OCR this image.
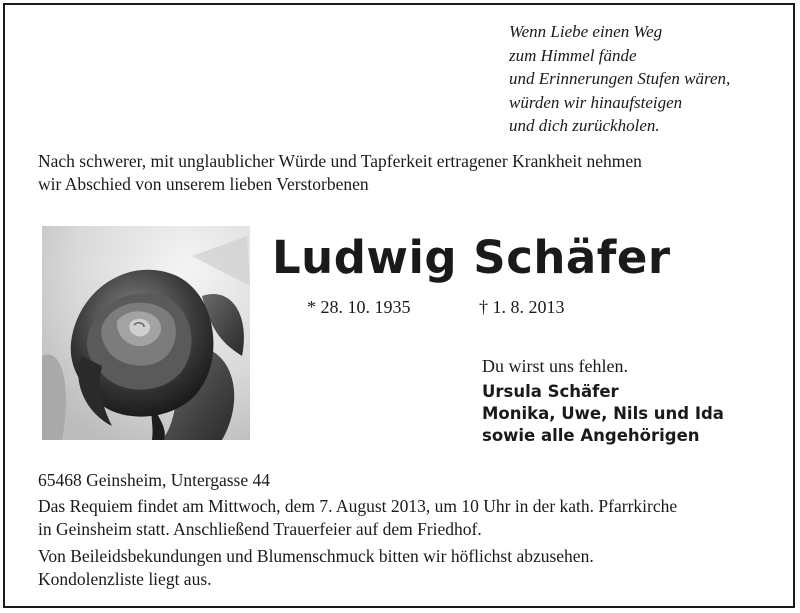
Wenn Liebe einen Weg
zum Himmel fände
und Erinnerungen Stufen wären,
würden wir hinaufsteigen
und dich zurückholen.
Nach schwerer, mit unglaublicher Würde und Tapferkeit ertragener Krankheit nehmen
wir Abschied von unserem lieben Verstorbenen
Ludwig Schäfer
* 28. 10. 1935	† 1. 8. 2013
Du wirst uns fehlen.
Ursula Schäfer
Monika, Uwe, Nils und Ida
sowie alle Angehörigen
65468 Geinsheim, Untergasse 44
Das Requiem findet am Mittwoch, dem 7. August 2013, um 10 Uhr in der kath. Pfarrkirche
in Geinsheim statt. Anschließend Trauerfeier auf dem Friedhof.
Von Beileidsbekundungen und Blumenschmuck bitten wir höflichst abzusehen.
Kondolenzliste liegt aus.
